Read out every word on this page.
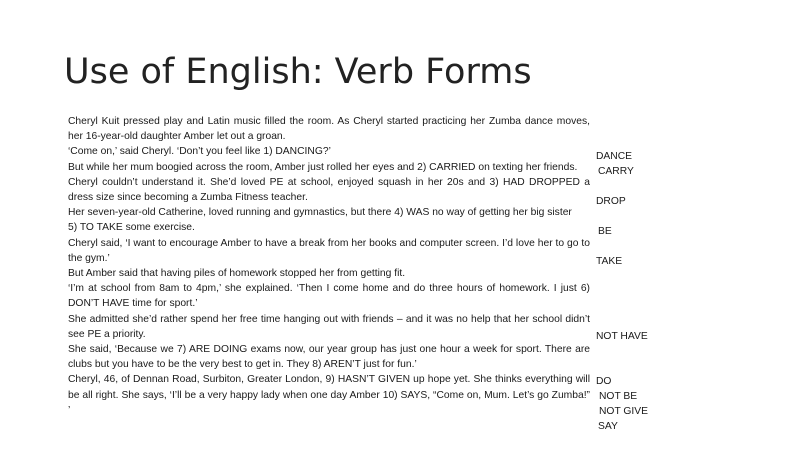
Use of English: Verb Forms

Cheryl Kuit pressed play and Latin music filled the room. As Cheryl started practicing her Zumba dance moves, her 16-year-old daughter Amber let out a groan.

‘Come on,’ said Cheryl. ‘Don’t you feel like 1) DANCING?’

But while her mum boogied across the room, Amber just rolled her eyes and 2) CARRIED on texting her friends.

Cheryl couldn’t understand it. She’d loved PE at school, enjoyed squash in her 20s and 3) HAD DROPPED a dress size since becoming a Zumba Fitness teacher.

Her seven-year-old Catherine, loved running and gymnastics, but there 4) WAS no way of getting her big sister

5) TO TAKE some exercise.

Cheryl said, ‘I want to encourage Amber to have a break from her books and computer screen. I’d love her to go to the gym.’

But Amber said that having piles of homework stopped her from getting fit.

‘I’m at school from 8am to 4pm,’ she explained. ‘Then I come home and do three hours of homework. I just 6) DON’T HAVE time for sport.’

She admitted she’d rather spend her free time hanging out with friends – and it was no help that her school didn’t see PE a priority.

She said, ‘Because we 7) ARE DOING exams now, our year group has just one hour a week for sport. There are clubs but you have to be the very best to get in. They 8) AREN’T just for fun.’

Cheryl, 46, of Dennan Road, Surbiton, Greater London, 9) HASN’T GIVEN up hope yet. She thinks everything will be all right. She says, ‘I’ll be a very happy lady when one day Amber 10) SAYS, “Come on, Mum. Let’s go Zumba!” ’

DANCE
CARRY
DROP
BE
TAKE
NOT HAVE
DO
NOT BE
NOT GIVE
SAY
